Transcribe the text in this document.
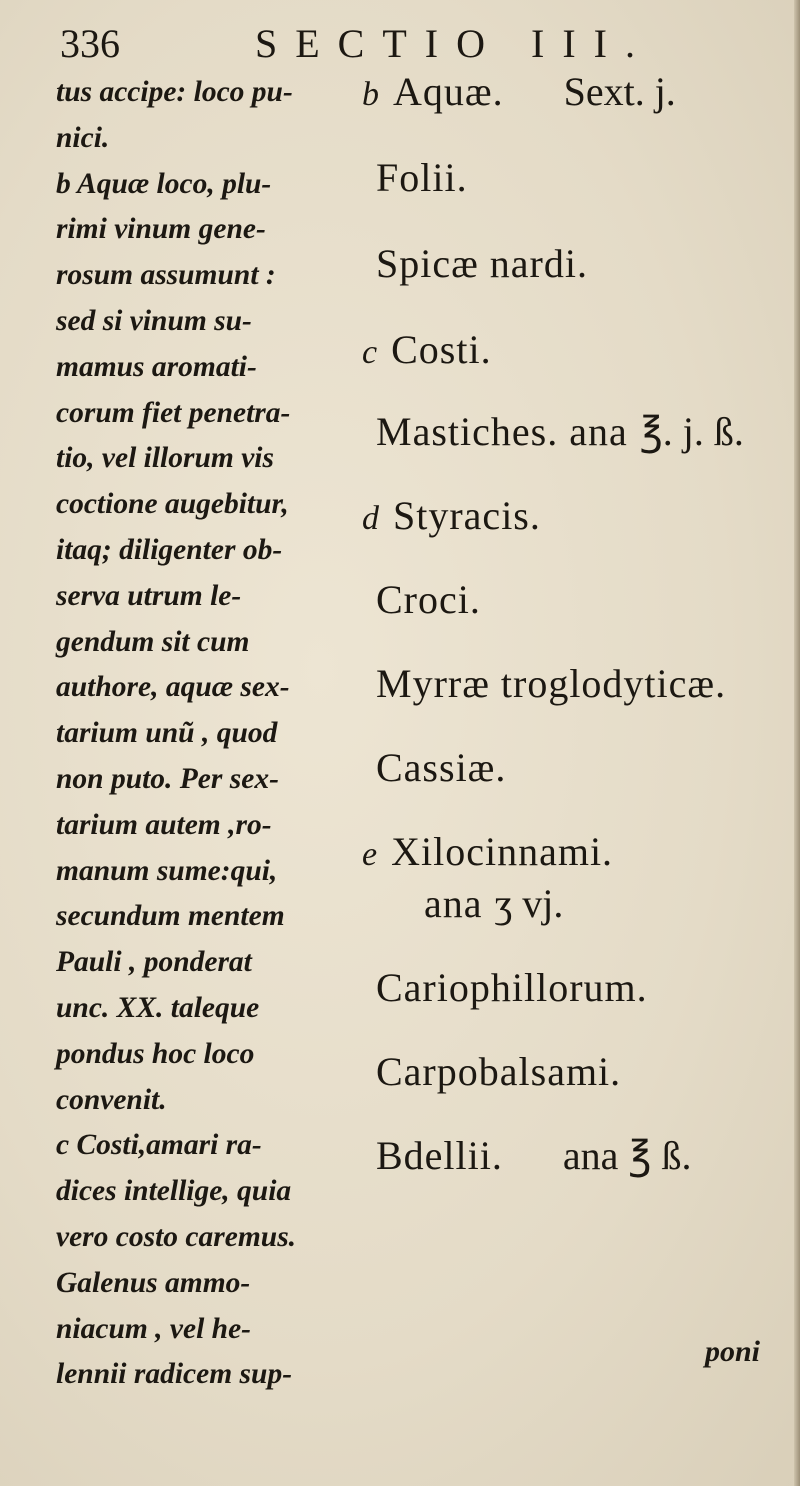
336	SECTIO III.
tus accipe: loco pu-
nici.
b Aquæ loco, plu-
rimi vinum gene-
rosum assumunt :
sed si vinum su-
mamus aromati-
corum fiet penetra-
tio, vel illorum vis
coctione augebitur,
itaq; diligenter ob-
serva utrum le-
gendum sit cum
authore, aquæ sex-
tarium unũ , quod
non puto. Per sex-
tarium autem ,ro-
manum sume:qui,
secundum mentem
Pauli , ponderat
unc. XX. taleque
pondus hoc loco
convenit.
c Costi,amari ra-
dices intellige, quia
vero costo caremus.
Galenus ammo-
niacum , vel he-
lennii radicem sup-
b Aquæ. Sext. j.
Folii.
Spicæ nardi.
c Costi.
Mastiches. ana ℥. j. ß.
d Styracis.
Croci.
Myrræ troglodyticæ.
Cassiæ.
e Xilocinnami.
ana ʒ vj.
Cariophillorum.
Carpobalsami.
Bdellii. ana ℥ ß.
poni
